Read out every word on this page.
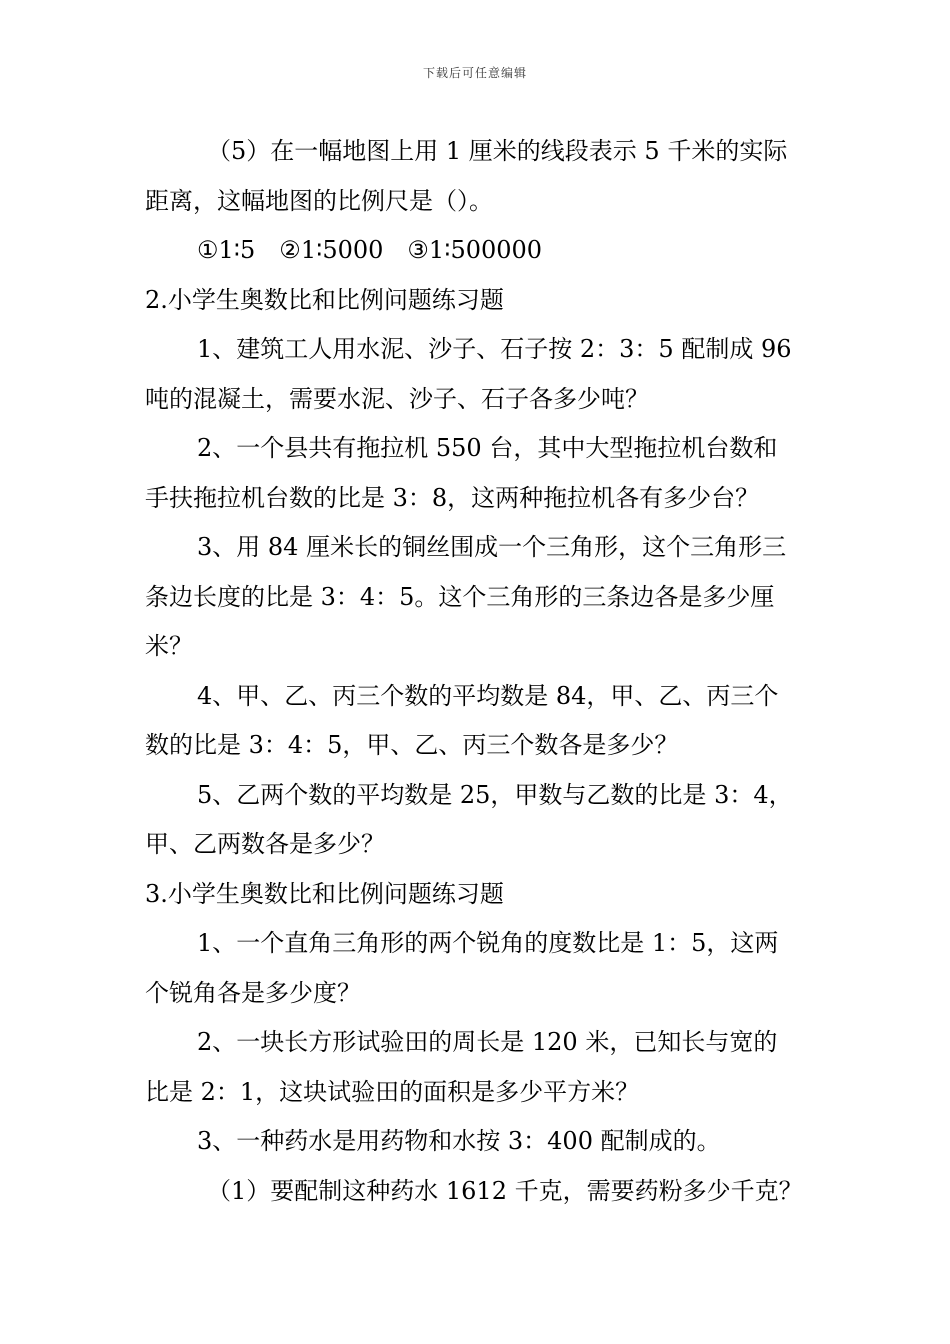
下载后可任意编辑
（5）在一幅地图上用 1 厘米的线段表示 5 千米的实际
距离，这幅地图的比例尺是（）。
①1∶5　②1∶5000　③1∶500000
2.小学生奥数比和比例问题练习题
1、建筑工人用水泥、沙子、石子按 2：3：5 配制成 96
吨的混凝土，需要水泥、沙子、石子各多少吨？
2、一个县共有拖拉机 550 台，其中大型拖拉机台数和
手扶拖拉机台数的比是 3：8，这两种拖拉机各有多少台？
3、用 84 厘米长的铜丝围成一个三角形，这个三角形三
条边长度的比是 3：4：5。这个三角形的三条边各是多少厘
米？
4、甲、乙、丙三个数的平均数是 84，甲、乙、丙三个
数的比是 3：4：5，甲、乙、丙三个数各是多少？
5、乙两个数的平均数是 25，甲数与乙数的比是 3：4，
甲、乙两数各是多少？
3.小学生奥数比和比例问题练习题
1、一个直角三角形的两个锐角的度数比是 1：5，这两
个锐角各是多少度？
2、一块长方形试验田的周长是 120 米，已知长与宽的
比是 2：1，这块试验田的面积是多少平方米？
3、一种药水是用药物和水按 3：400 配制成的。
（1）要配制这种药水 1612 千克，需要药粉多少千克？
